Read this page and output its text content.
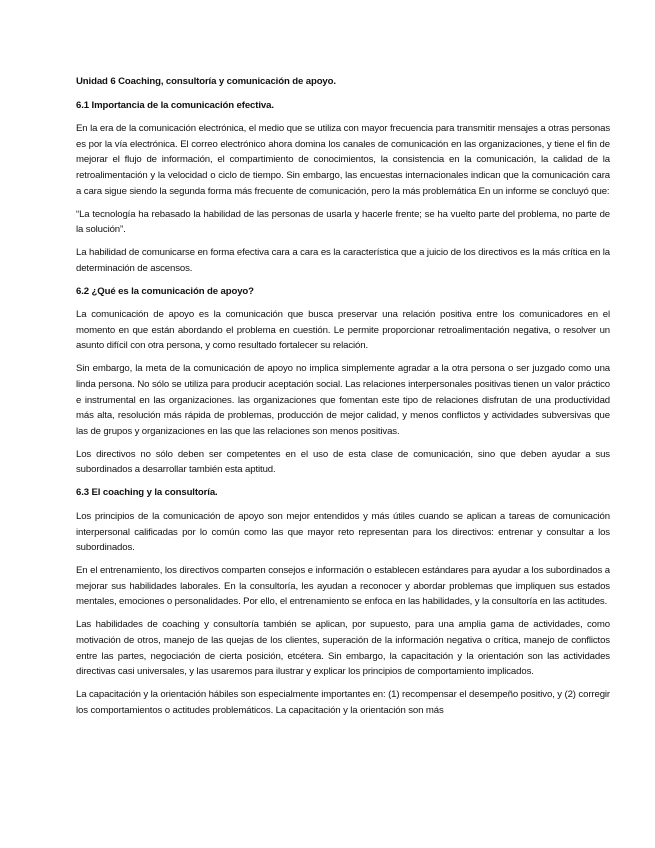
Unidad 6 Coaching, consultoría y comunicación de apoyo.
6.1 Importancia de la comunicación efectiva.

En la era de la comunicación electrónica, el medio que se utiliza con mayor frecuencia para transmitir mensajes a otras personas es por la vía electrónica. El correo electrónico ahora domina los canales de comunicación en las organizaciones, y tiene el fin de mejorar el flujo de información, el compartimiento de conocimientos, la consistencia en la comunicación, la calidad de la retroalimentación y la velocidad o ciclo de tiempo. Sin embargo, las encuestas internacionales indican que la comunicación cara a cara sigue siendo la segunda forma más frecuente de comunicación, pero la más problemática En un informe se concluyó que:

“La tecnología ha rebasado la habilidad de las personas de usarla y hacerle frente; se ha vuelto parte del problema, no parte de la solución”.

La habilidad de comunicarse en forma efectiva cara a cara es la característica que a juicio de los directivos es la más crítica en la determinación de ascensos.

6.2 ¿Qué es la comunicación de apoyo?

La comunicación de apoyo es la comunicación que busca preservar una relación positiva entre los comunicadores en el momento en que están abordando el problema en cuestión. Le permite proporcionar retroalimentación negativa, o resolver un asunto difícil con otra persona, y como resultado fortalecer su relación.

Sin embargo, la meta de la comunicación de apoyo no implica simplemente agradar a la otra persona o ser juzgado como una linda persona. No sólo se utiliza para producir aceptación social. Las relaciones interpersonales positivas tienen un valor práctico e instrumental en las organizaciones. las organizaciones que fomentan este tipo de relaciones disfrutan de una productividad más alta, resolución más rápida de problemas, producción de mejor calidad, y menos conflictos y actividades subversivas que las de grupos y organizaciones en las que las relaciones son menos positivas.

Los directivos no sólo deben ser competentes en el uso de esta clase de comunicación, sino que deben ayudar a sus subordinados a desarrollar también esta aptitud.

6.3 El coaching y la consultoría.

Los principios de la comunicación de apoyo son mejor entendidos y más útiles cuando se aplican a tareas de comunicación interpersonal calificadas por lo común como las que mayor reto representan para los directivos: entrenar y consultar a los subordinados.

En el entrenamiento, los directivos comparten consejos e información o establecen estándares para ayudar a los subordinados a mejorar sus habilidades laborales. En la consultoría, les ayudan a reconocer y abordar problemas que impliquen sus estados mentales, emociones o personalidades. Por ello, el entrenamiento se enfoca en las habilidades, y la consultoría en las actitudes.

Las habilidades de coaching y consultoría también se aplican, por supuesto, para una amplia gama de actividades, como motivación de otros, manejo de las quejas de los clientes, superación de la información negativa o crítica, manejo de conflictos entre las partes, negociación de cierta posición, etcétera. Sin embargo, la capacitación y la orientación son las actividades directivas casi universales, y las usaremos para ilustrar y explicar los principios de comportamiento implicados.

La capacitación y la orientación hábiles son especialmente importantes en: (1) recompensar el desempeño positivo, y (2) corregir los comportamientos o actitudes problemáticos. La capacitación y la orientación son más
